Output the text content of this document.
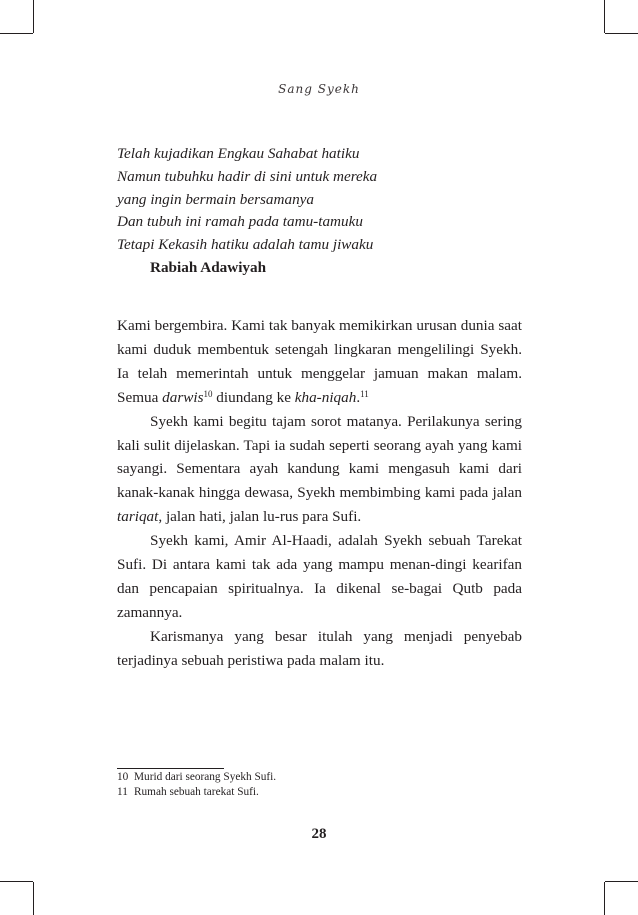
Sang Syekh

Telah kujadikan Engkau Sahabat hatiku

Namun tubuhku hadir di sini untuk mereka

yang ingin bermain bersamanya

Dan tubuh ini ramah pada tamu-tamuku

Tetapi Kekasih hatiku adalah tamu jiwaku

Rabiah Adawiyah

Kami bergembira. Kami tak banyak memikirkan urusan dunia saat kami duduk membentuk setengah lingkaran mengelilingi Syekh. Ia telah memerintah untuk menggelar jamuan makan malam. Semua darwis$^{10}$ diundang ke kha-niqah.$^{11}$

Syekh kami begitu tajam sorot matanya. Perilakunya sering kali sulit dijelaskan. Tapi ia sudah seperti seorang ayah yang kami sayangi. Sementara ayah kandung kami mengasuh kami dari kanak-kanak hingga dewasa, Syekh membimbing kami pada jalan tariqat, jalan hati, jalan lu-rus para Sufi.

Syekh kami, Amir Al-Haadi, adalah Syekh sebuah Tarekat Sufi. Di antara kami tak ada yang mampu menan-dingi kearifan dan pencapaian spiritualnya. Ia dikenal se-bagai Qutb pada zamannya.

Karismanya yang besar itulah yang menjadi penyebab terjadinya sebuah peristiwa pada malam itu.

10 Murid dari seorang Syekh Sufi.

11 Rumah sebuah tarekat Sufi.

28
